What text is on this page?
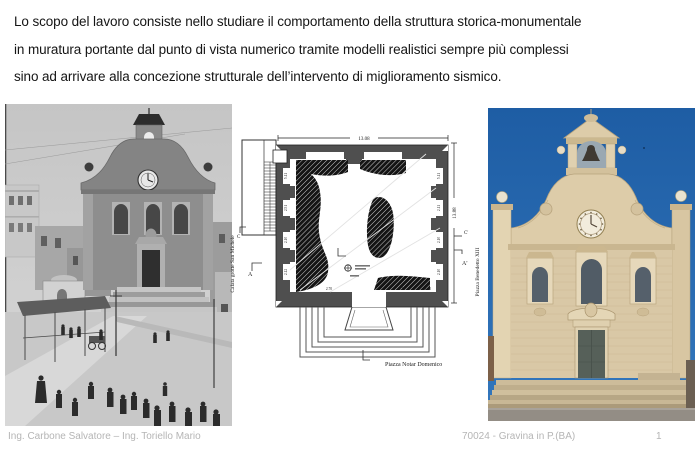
Lo scopo del lavoro consiste nello studiare il comportamento della struttura storica-monumentale
in muratura portante dal punto di vista numerico tramite modelli realistici sempre più complessi
sino ad arrivare alla concezione strutturale dell’intervento di miglioramento sismico.
13.08
5.11
2.51
2.10
2.12
5.11
2.11
2.10
2.10
2.70	2.47	1.40
13.88
A
C
C'
A'
Calata grotte San Michele	Piazza Benedetto XIII
Piazza Notar Domenico
Ing. Carbone Salvatore – Ing. Toriello Mario	70024 - Gravina in P.(BA)	1
